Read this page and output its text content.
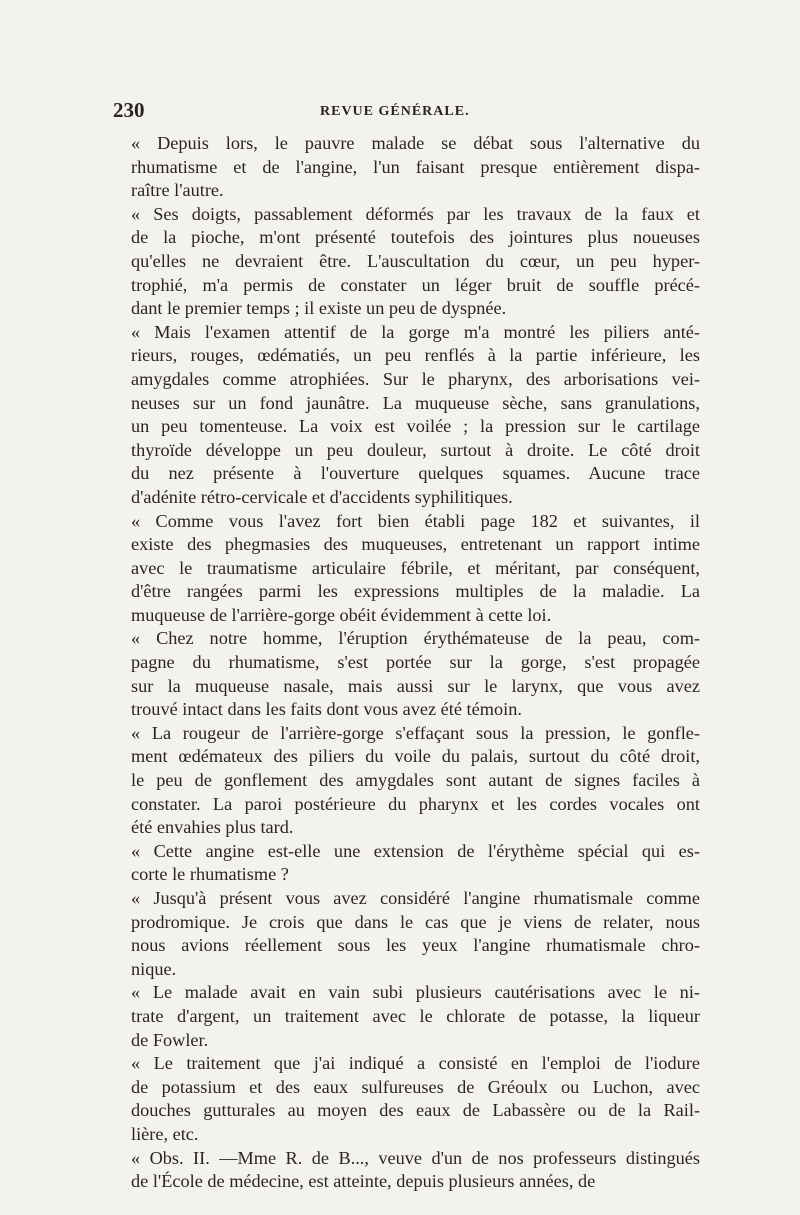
230	REVUE GÉNÉRALE.

« Depuis lors, le pauvre malade se débat sous l'alternative du
rhumatisme et de l'angine, l'un faisant presque entièrement dispa-
raître l'autre.

« Ses doigts, passablement déformés par les travaux de la faux et
de la pioche, m'ont présenté toutefois des jointures plus noueuses
qu'elles ne devraient être. L'auscultation du cœur, un peu hyper-
trophié, m'a permis de constater un léger bruit de souffle précé-
dant le premier temps ; il existe un peu de dyspnée.

« Mais l'examen attentif de la gorge m'a montré les piliers anté-
rieurs, rouges, œdématiés, un peu renflés à la partie inférieure, les
amygdales comme atrophiées. Sur le pharynx, des arborisations vei-
neuses sur un fond jaunâtre. La muqueuse sèche, sans granulations,
un peu tomenteuse. La voix est voilée ; la pression sur le cartilage
thyroïde développe un peu douleur, surtout à droite. Le côté droit
du nez présente à l'ouverture quelques squames. Aucune trace
d'adénite rétro-cervicale et d'accidents syphilitiques.

« Comme vous l'avez fort bien établi page 182 et suivantes, il
existe des phegmasies des muqueuses, entretenant un rapport intime
avec le traumatisme articulaire fébrile, et méritant, par conséquent,
d'être rangées parmi les expressions multiples de la maladie. La
muqueuse de l'arrière-gorge obéit évidemment à cette loi.

« Chez notre homme, l'éruption érythémateuse de la peau, com-
pagne du rhumatisme, s'est portée sur la gorge, s'est propagée
sur la muqueuse nasale, mais aussi sur le larynx, que vous avez
trouvé intact dans les faits dont vous avez été témoin.

« La rougeur de l'arrière-gorge s'effaçant sous la pression, le gonfle-
ment œdémateux des piliers du voile du palais, surtout du côté droit,
le peu de gonflement des amygdales sont autant de signes faciles à
constater. La paroi postérieure du pharynx et les cordes vocales ont
été envahies plus tard.

« Cette angine est-elle une extension de l'érythème spécial qui es-
corte le rhumatisme ?

« Jusqu'à présent vous avez considéré l'angine rhumatismale comme
prodromique. Je crois que dans le cas que je viens de relater, nous
nous avions réellement sous les yeux l'angine rhumatismale chro-
nique.

« Le malade avait en vain subi plusieurs cautérisations avec le ni-
trate d'argent, un traitement avec le chlorate de potasse, la liqueur
de Fowler.

« Le traitement que j'ai indiqué a consisté en l'emploi de l'iodure
de potassium et des eaux sulfureuses de Gréoulx ou Luchon, avec
douches gutturales au moyen des eaux de Labassère ou de la Rail-
lière, etc.

« Obs. II. —Mme R. de B..., veuve d'un de nos professeurs distingués
de l'École de médecine, est atteinte, depuis plusieurs années, de
